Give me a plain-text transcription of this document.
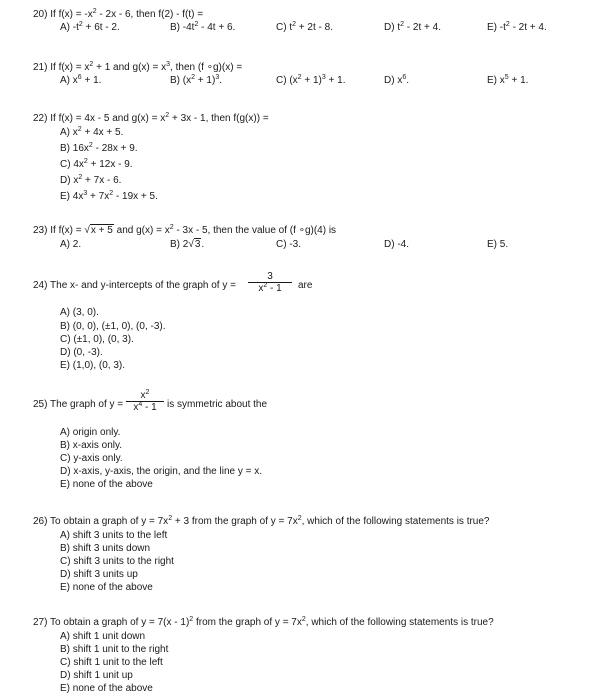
20) If $f(x) = -x^2 - 2x - 6$, then f(2) - f(t) =
A) $-t^2 + 6t - 2$.	B) $-4t^2 - 4t + 6$.	C) $t^2 + 2t - 8$.	D) $t^2 - 2t + 4$.	E) $-t^2 - 2t + 4$.
21) If $f(x) = x^2 + 1$ and $g(x) = x^3$, then (f ∘g)(x) =
A) $x^6 + 1$.	B) $(x^2 + 1)^3$.	C) $(x^2 + 1)^3 + 1$.	D) $x^6$.	E) $x^5 + 1$.
22) If f(x) = 4x - 5 and $g(x) = x^2 + 3x - 1$, then f(g(x)) =
A) $x^2 + 4x + 5$.
B) $16x^2 - 28x + 9$.
C) $4x^2 + 12x - 9$.
D) $x^2 + 7x - 6$.
E) $4x^3 + 7x^2 - 19x + 5$.
23) If f(x) = √x + 5 and $g(x) = x^2 - 3x - 5$, then the value of (f ∘g)(4) is
A) 2.	B) 2√3.	C) -3.	D) -4.	E) 5.
24) The x- and y-intercepts of the graph of $y = \frac{3}{x^2 - 1}$ are
A) (3, 0).
B) (0, 0), (±1, 0), (0, -3).
C) (±1, 0), (0, 3).
D) (0, -3).
E) (1,0), (0, 3).
25) The graph of $y = \frac{x^2}{x^4 - 1}$ is symmetric about the
A) origin only.
B) x-axis only.
C) y-axis only.
D) x-axis, y-axis, the origin, and the line y = x.
E) none of the above
26) To obtain a graph of $y = 7x^2 + 3$ from the graph of $y = 7x^2$, which of the following statements is true?
A) shift 3 units to the left
B) shift 3 units down
C) shift 3 units to the right
D) shift 3 units up
E) none of the above
27) To obtain a graph of y = 7(x - 1)$^2$ from the graph of $y = 7x^2$, which of the following statements is true?
A) shift 1 unit down
B) shift 1 unit to the right
C) shift 1 unit to the left
D) shift 1 unit up
E) none of the above
